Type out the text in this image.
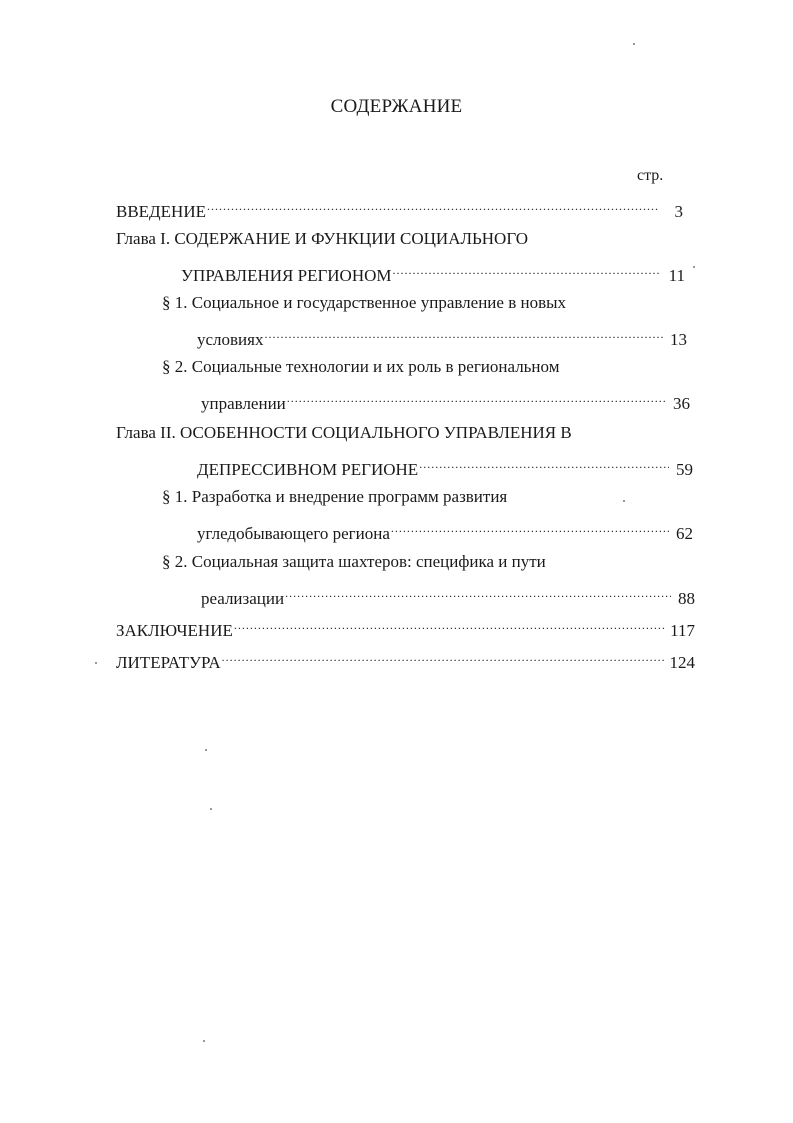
СОДЕРЖАНИЕ
стр.
ВВЕДЕНИЕ .....	3
Глава I. СОДЕРЖАНИЕ И ФУНКЦИИ СОЦИАЛЬНОГО
УПРАВЛЕНИЯ РЕГИОНОМ .....	11
§ 1. Социальное и государственное управление в новых
условиях .....	13
§ 2. Социальные технологии и их роль в региональном
управлении .....	36
Глава II. ОСОБЕННОСТИ СОЦИАЛЬНОГО УПРАВЛЕНИЯ В
ДЕПРЕССИВНОМ РЕГИОНЕ .....	59
§ 1. Разработка и внедрение программ развития
угледобывающего региона .....	62
§ 2. Социальная защита шахтеров: специфика и пути
реализации .....	88
ЗАКЛЮЧЕНИЕ .....	117
ЛИТЕРАТУРА .....	124
